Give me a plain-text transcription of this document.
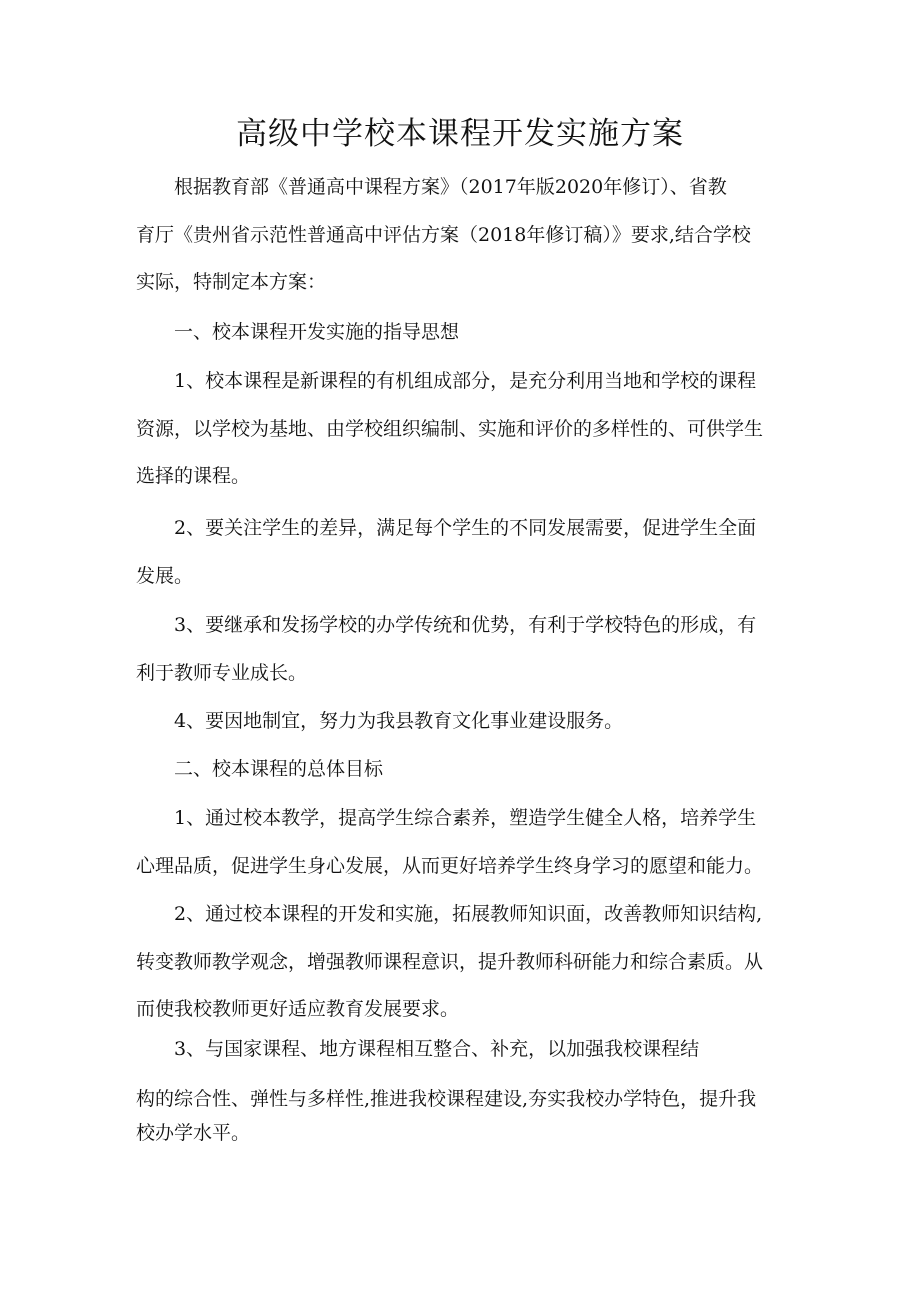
高级中学校本课程开发实施方案
根据教育部《普通高中课程方案》（2017年版2020年修订）、省教
育厅《贵州省示范性普通高中评估方案（2018年修订稿）》要求,结合学校
实际，特制定本方案：
一、校本课程开发实施的指导思想
1、校本课程是新课程的有机组成部分，是充分利用当地和学校的课程
资源，以学校为基地、由学校组织编制、实施和评价的多样性的、可供学生
选择的课程。
2、要关注学生的差异，满足每个学生的不同发展需要，促进学生全面
发展。
3、要继承和发扬学校的办学传统和优势，有利于学校特色的形成，有
利于教师专业成长。
4、要因地制宜，努力为我县教育文化事业建设服务。
二、校本课程的总体目标
1、通过校本教学，提高学生综合素养，塑造学生健全人格，培养学生
心理品质，促进学生身心发展，从而更好培养学生终身学习的愿望和能力。
2、通过校本课程的开发和实施，拓展教师知识面，改善教师知识结构,
转变教师教学观念，增强教师课程意识，提升教师科研能力和综合素质。从
而使我校教师更好适应教育发展要求。
3、与国家课程、地方课程相互整合、补充，以加强我校课程结
构的综合性、弹性与多样性,推进我校课程建设,夯实我校办学特色，提升我
校办学水平。
